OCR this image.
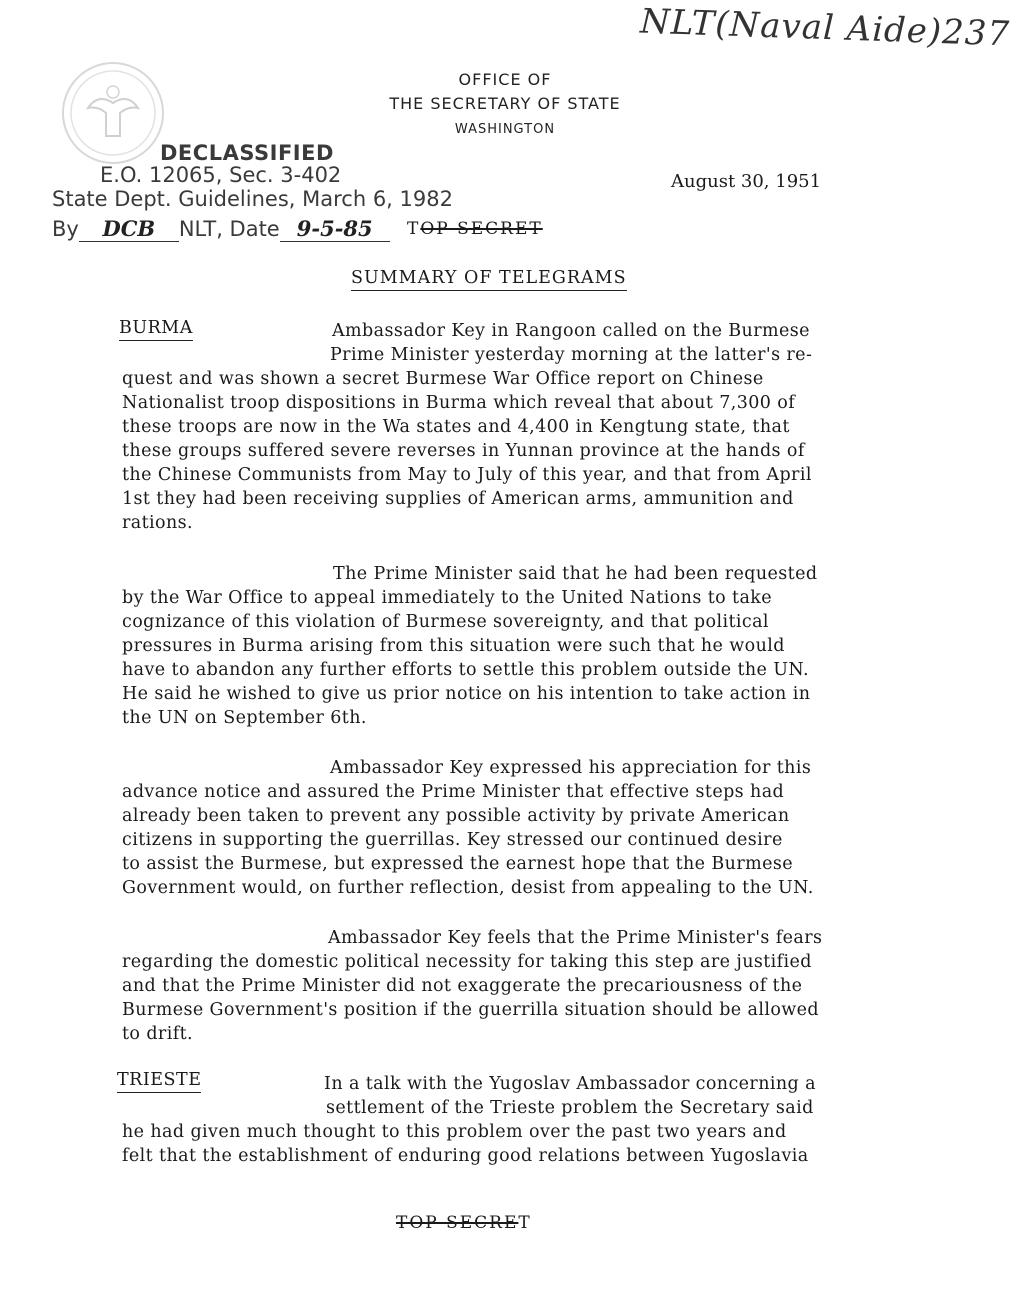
NLT(Naval Aide)237
OFFICE OF
THE SECRETARY OF STATE
WASHINGTON
DECLASSIFIED
E.O. 12065, Sec. 3-402
State Dept. Guidelines, March 6, 1982
By DCB NLT, Date 9-5-85
August 30, 1951
TOP SECRET
SUMMARY OF TELEGRAMS
BURMA	Ambassador Key in Rangoon called on the Burmese
Prime Minister yesterday morning at the latter's re-
quest and was shown a secret Burmese War Office report on Chinese
Nationalist troop dispositions in Burma which reveal that about 7,300 of
these troops are now in the Wa states and 4,400 in Kengtung state, that
these groups suffered severe reverses in Yunnan province at the hands of
the Chinese Communists from May to July of this year, and that from April
1st they had been receiving supplies of American arms, ammunition and
rations.
The Prime Minister said that he had been requested
by the War Office to appeal immediately to the United Nations to take
cognizance of this violation of Burmese sovereignty, and that political
pressures in Burma arising from this situation were such that he would
have to abandon any further efforts to settle this problem outside the UN.
He said he wished to give us prior notice on his intention to take action in
the UN on September 6th.
Ambassador Key expressed his appreciation for this
advance notice and assured the Prime Minister that effective steps had
already been taken to prevent any possible activity by private American
citizens in supporting the guerrillas. Key stressed our continued desire
to assist the Burmese, but expressed the earnest hope that the Burmese
Government would, on further reflection, desist from appealing to the UN.
Ambassador Key feels that the Prime Minister's fears
regarding the domestic political necessity for taking this step are justified
and that the Prime Minister did not exaggerate the precariousness of the
Burmese Government's position if the guerrilla situation should be allowed
to drift.
TRIESTE	In a talk with the Yugoslav Ambassador concerning a
settlement of the Trieste problem the Secretary said
he had given much thought to this problem over the past two years and
felt that the establishment of enduring good relations between Yugoslavia
TOP SECRET
